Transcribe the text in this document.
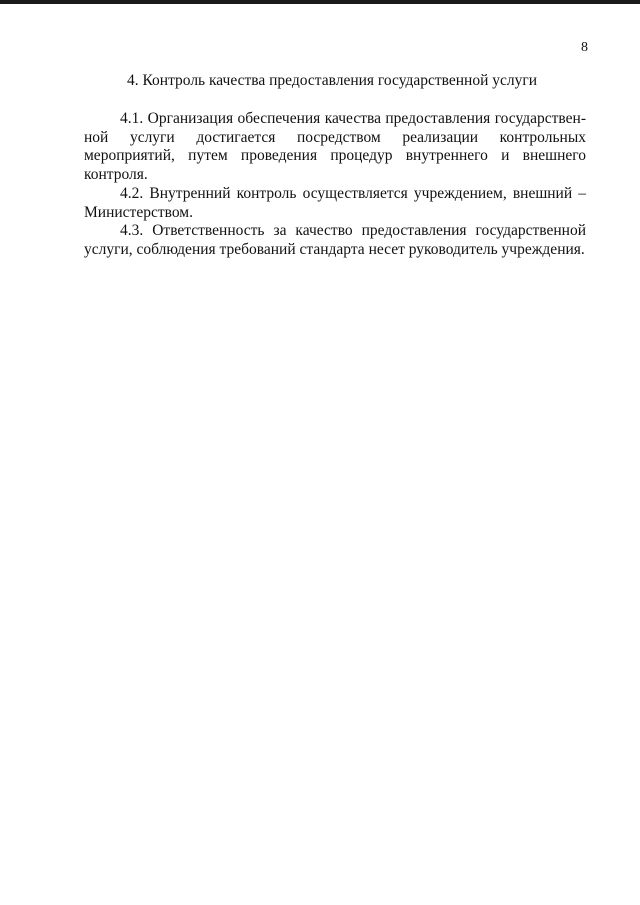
8
4. Контроль качества предоставления государственной услуги

4.1. Организация обеспечения качества предоставления государственной услуги достигается посредством реализации контрольных мероприятий, путем проведения процедур внутреннего и внешнего контроля.

4.2. Внутренний контроль осуществляется учреждением, внешний – Министерством.

4.3. Ответственность за качество предоставления государственной услуги, соблюдения требований стандарта несет руководитель учреждения.
